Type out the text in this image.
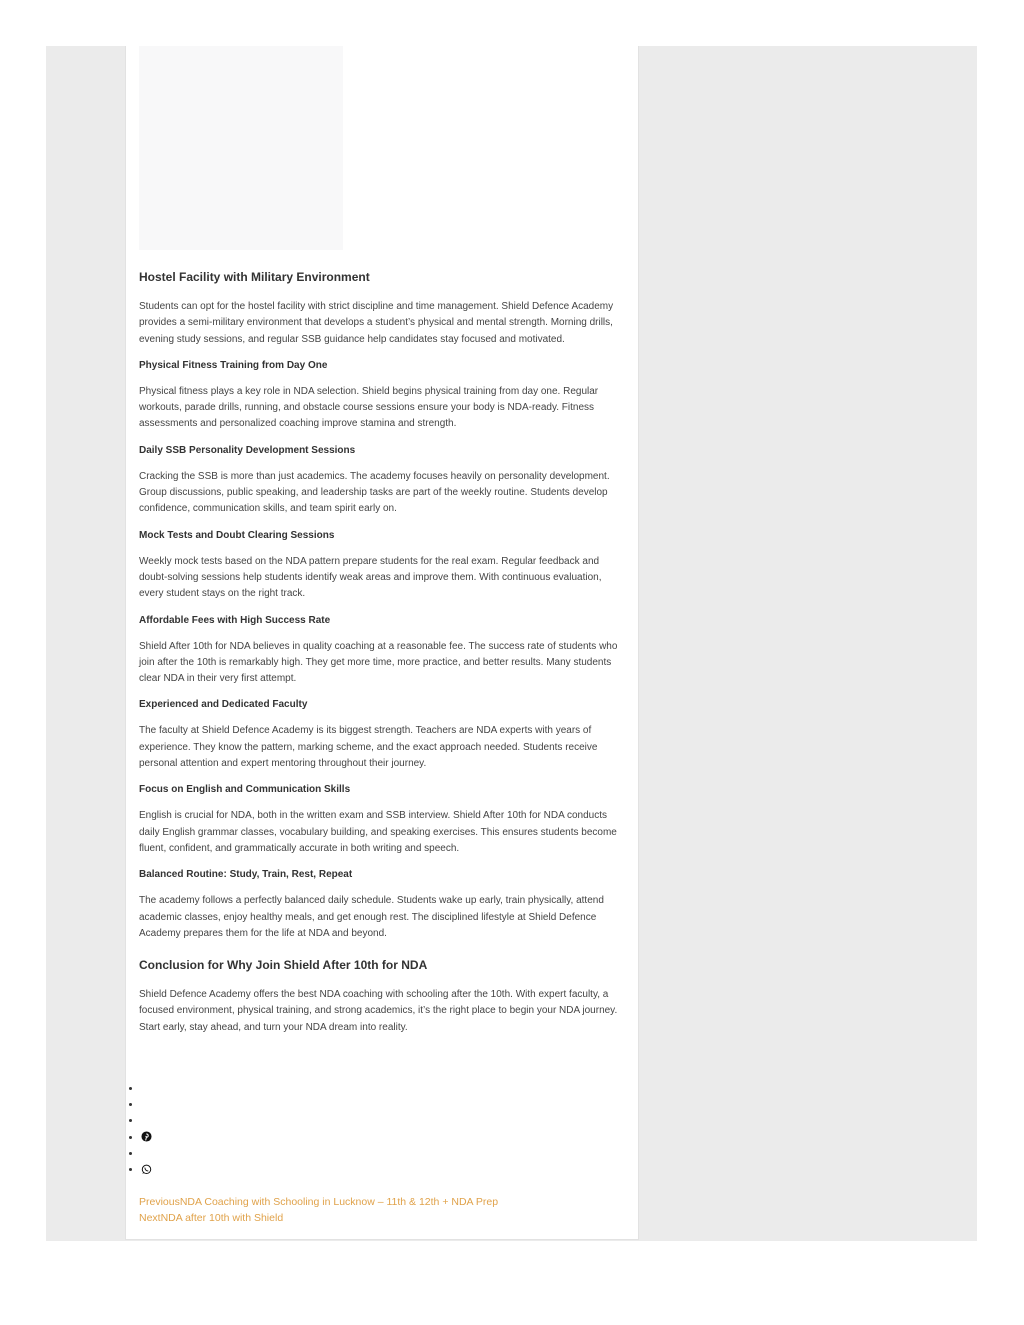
Hostel Facility with Military Environment

Students can opt for the hostel facility with strict discipline and time management. Shield Defence Academy provides a semi-military environment that develops a student’s physical and mental strength. Morning drills, evening study sessions, and regular SSB guidance help candidates stay focused and motivated.

Physical Fitness Training from Day One

Physical fitness plays a key role in NDA selection. Shield begins physical training from day one. Regular workouts, parade drills, running, and obstacle course sessions ensure your body is NDA-ready. Fitness assessments and personalized coaching improve stamina and strength.

Daily SSB Personality Development Sessions

Cracking the SSB is more than just academics. The academy focuses heavily on personality development. Group discussions, public speaking, and leadership tasks are part of the weekly routine. Students develop confidence, communication skills, and team spirit early on.

Mock Tests and Doubt Clearing Sessions

Weekly mock tests based on the NDA pattern prepare students for the real exam. Regular feedback and doubt-solving sessions help students identify weak areas and improve them. With continuous evaluation, every student stays on the right track.

Affordable Fees with High Success Rate

Shield After 10th for NDA believes in quality coaching at a reasonable fee. The success rate of students who join after the 10th is remarkably high. They get more time, more practice, and better results. Many students clear NDA in their very first attempt.

Experienced and Dedicated Faculty

The faculty at Shield Defence Academy is its biggest strength. Teachers are NDA experts with years of experience. They know the pattern, marking scheme, and the exact approach needed. Students receive personal attention and expert mentoring throughout their journey.

Focus on English and Communication Skills

English is crucial for NDA, both in the written exam and SSB interview. Shield After 10th for NDA conducts daily English grammar classes, vocabulary building, and speaking exercises. This ensures students become fluent, confident, and grammatically accurate in both writing and speech.

Balanced Routine: Study, Train, Rest, Repeat

The academy follows a perfectly balanced daily schedule. Students wake up early, train physically, attend academic classes, enjoy healthy meals, and get enough rest. The disciplined lifestyle at Shield Defence Academy prepares them for the life at NDA and beyond.

Conclusion for Why Join Shield After 10th for NDA

Shield Defence Academy offers the best NDA coaching with schooling after the 10th. With expert faculty, a focused environment, physical training, and strong academics, it’s the right place to begin your NDA journey. Start early, stay ahead, and turn your NDA dream into reality.

•
•
•
•
•
•
PreviousNDA Coaching with Schooling in Lucknow – 11th & 12th + NDA Prep
NextNDA after 10th with Shield
